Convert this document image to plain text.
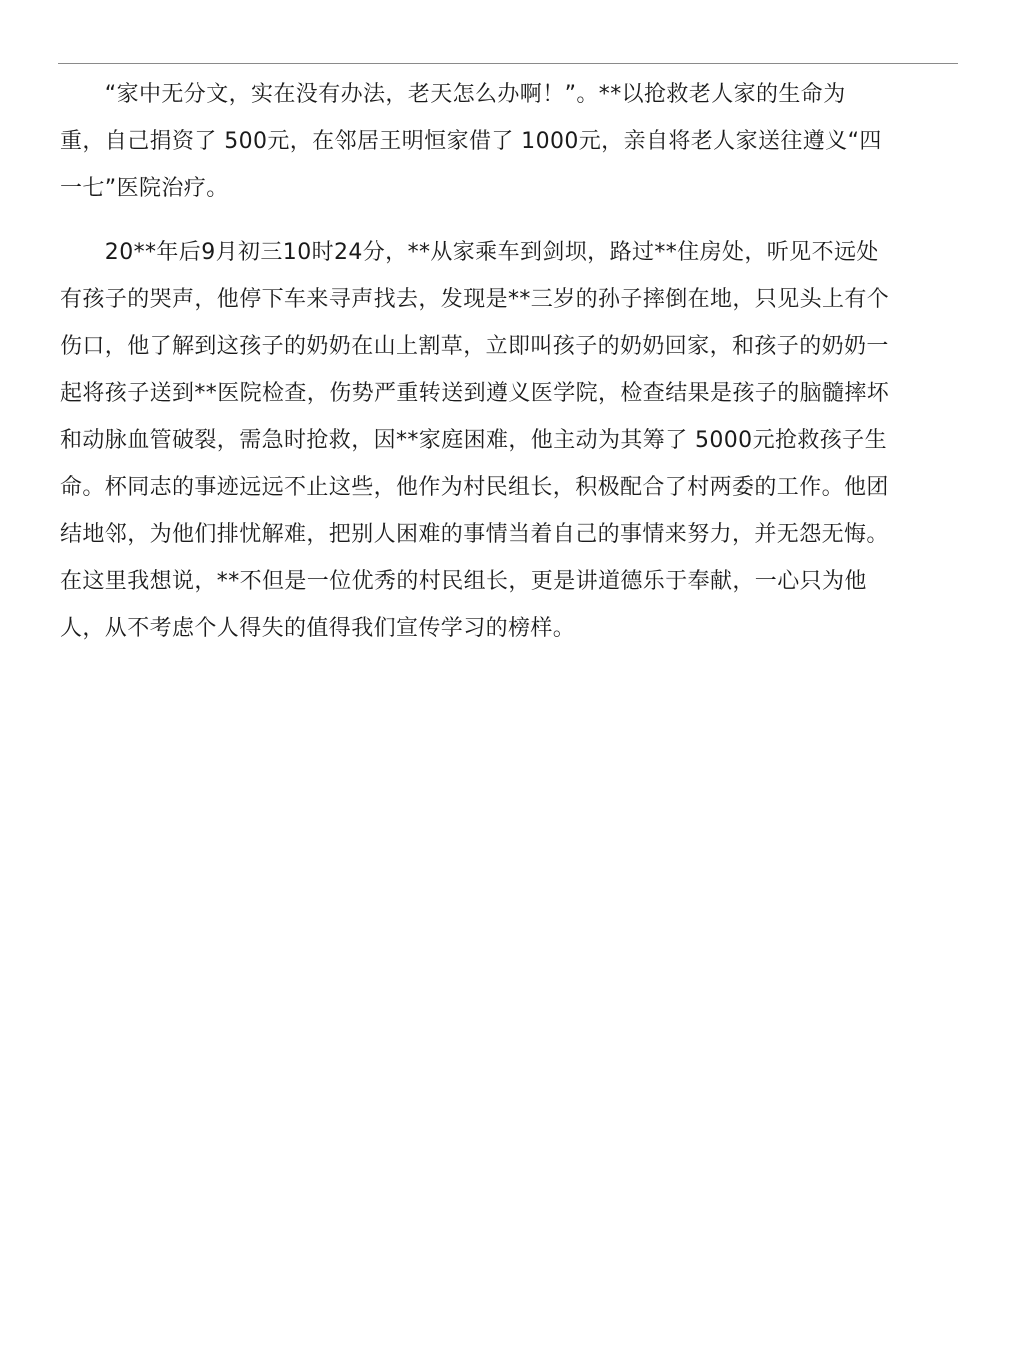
　　“家中无分文，实在没有办法，老天怎么办啊！”。**以抢救老人家的生命为
重，自己捐资了 500元，在邻居王明恒家借了 1000元，亲自将老人家送往遵义“四
一七”医院治疗。
　　20**年后9月初三10时24分，**从家乘车到剑坝，路过**住房处，听见不远处
有孩子的哭声，他停下车来寻声找去，发现是**三岁的孙子摔倒在地，只见头上有个
伤口，他了解到这孩子的奶奶在山上割草，立即叫孩子的奶奶回家，和孩子的奶奶一
起将孩子送到**医院检查，伤势严重转送到遵义医学院，检查结果是孩子的脑髓摔坏
和动脉血管破裂，需急时抢救，因**家庭困难，他主动为其筹了 5000元抢救孩子生
命。杯同志的事迹远远不止这些，他作为村民组长，积极配合了村两委的工作。他团
结地邻，为他们排忧解难，把别人困难的事情当着自己的事情来努力，并无怨无悔。
在这里我想说，**不但是一位优秀的村民组长，更是讲道德乐于奉献，一心只为他
人，从不考虑个人得失的值得我们宣传学习的榜样。
